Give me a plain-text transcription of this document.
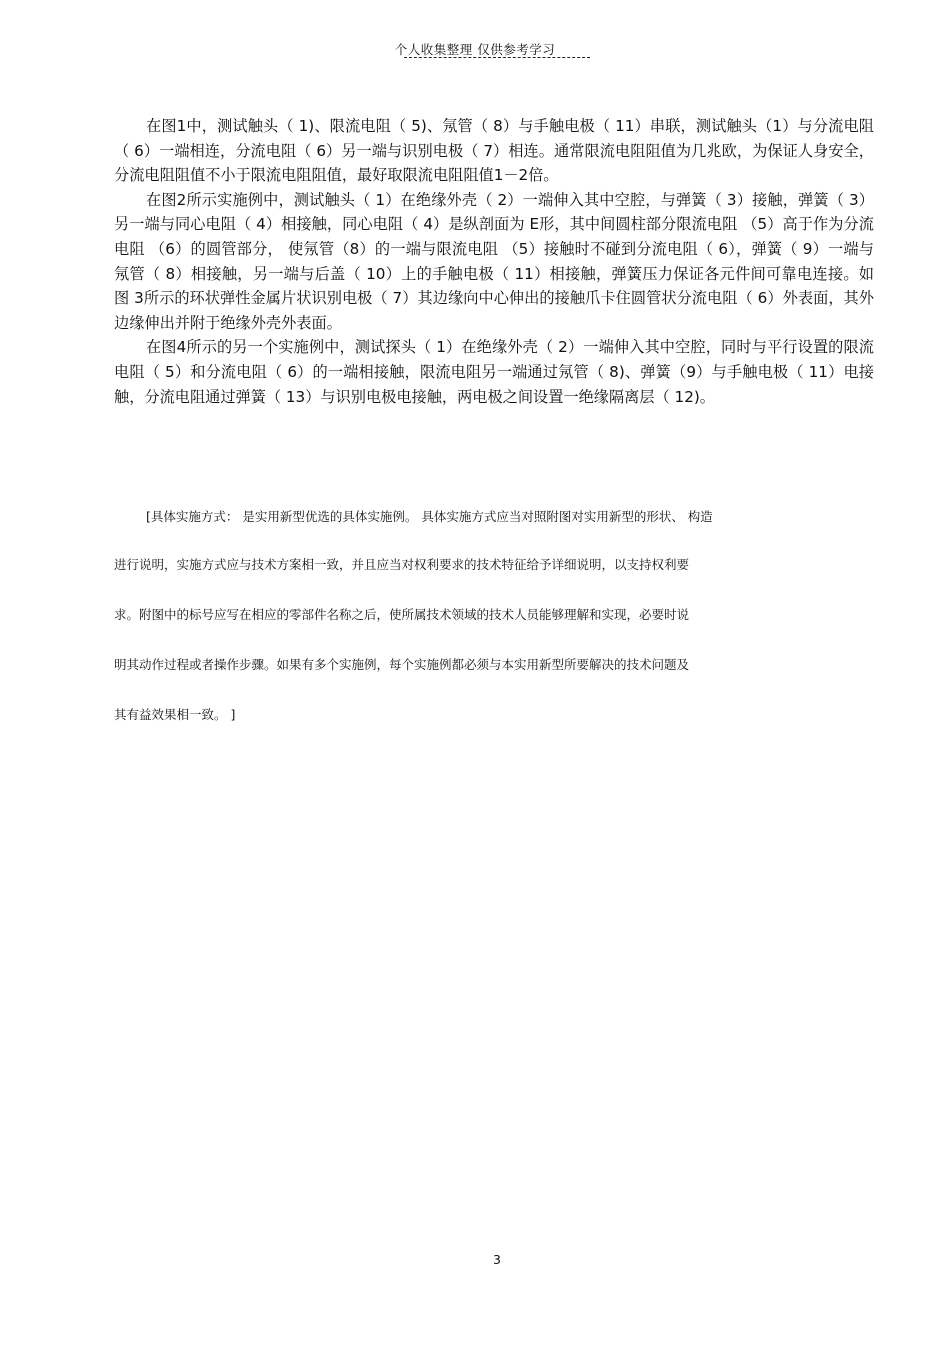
个人收集整理 仅供参考学习

在图1中，测试触头（ 1)、限流电阻（ 5)、氖管（ 8）与手触电极（ 11）串联，测试触头（1）与分流电阻（ 6）一端相连，分流电阻（ 6）另一端与识别电极（ 7）相连。通常限流电阻阻值为几兆欧，为保证人身安全，分流电阻阻值不小于限流电阻阻值，最好取限流电阻阻值1－2倍。

在图2所示实施例中，测试触头（ 1）在绝缘外壳（ 2）一端伸入其中空腔，与弹簧（ 3）接触，弹簧（ 3）另一端与同心电阻（ 4）相接触，同心电阻（ 4）是纵剖面为 E形，其中间圆柱部分限流电阻 （5）高于作为分流电阻 （6）的圆管部分， 使氖管（8）的一端与限流电阻 （5）接触时不碰到分流电阻（ 6），弹簧（ 9）一端与氖管（ 8）相接触，另一端与后盖（ 10）上的手触电极（ 11）相接触，弹簧压力保证各元件间可靠电连接。如图 3所示的环状弹性金属片状识别电极（ 7）其边缘向中心伸出的接触爪卡住圆管状分流电阻（ 6）外表面，其外边缘伸出并附于绝缘外壳外表面。

在图4所示的另一个实施例中，测试探头（ 1）在绝缘外壳（ 2）一端伸入其中空腔，同时与平行设置的限流电阻（ 5）和分流电阻（ 6）的一端相接触，限流电阻另一端通过氖管（ 8)、弹簧（9）与手触电极（ 11）电接触，分流电阻通过弹簧（ 13）与识别电极电接触，两电极之间设置一绝缘隔离层（ 12)。

[具体实施方式： 是实用新型优选的具体实施例。 具体实施方式应当对照附图对实用新型的形状、 构造
进行说明，实施方式应与技术方案相一致，并且应当对权利要求的技术特征给予详细说明，以支持权利要
求。附图中的标号应写在相应的零部件名称之后，使所属技术领域的技术人员能够理解和实现，必要时说
明其动作过程或者操作步骤。如果有多个实施例，每个实施例都必须与本实用新型所要解决的技术问题及
其有益效果相一致。 ]
3
